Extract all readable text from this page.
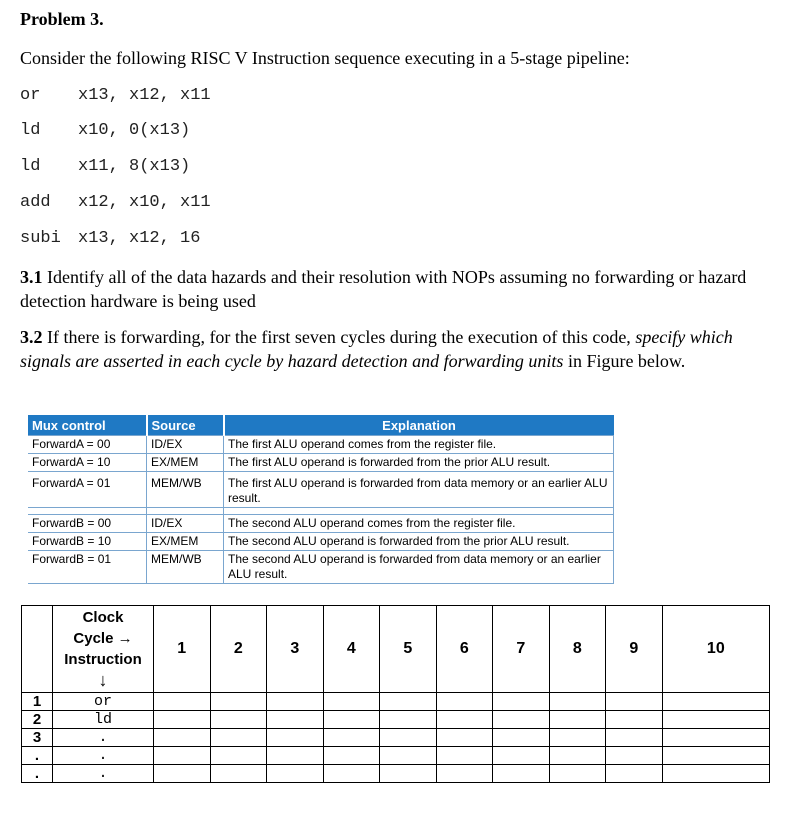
Problem 3.
Consider the following RISC V Instruction sequence executing in a 5-stage pipeline:
or x13, x12, x11
ld x10, 0(x13)
ld x11, 8(x13)
add x12, x10, x11
subi x13, x12, 16
3.1 Identify all of the data hazards and their resolution with NOPs assuming no forwarding or hazard detection hardware is being used
3.2 If there is forwarding, for the first seven cycles during the execution of this code, specify which signals are asserted in each cycle by hazard detection and forwarding units in Figure below.
Mux control	Source	Explanation
ForwardA = 00	ID/EX	The first ALU operand comes from the register file.
ForwardA = 10	EX/MEM	The first ALU operand is forwarded from the prior ALU result.
ForwardA = 01	MEM/WB	The first ALU operand is forwarded from data memory or an earlier ALU result.

ForwardB = 00	ID/EX	The second ALU operand comes from the register file.
ForwardB = 10	EX/MEM	The second ALU operand is forwarded from the prior ALU result.
ForwardB = 01	MEM/WB	The second ALU operand is forwarded from data memory or an earlier ALU result.

	Clock
Cycle →
Instruction
↓	1	2	3	4	5	6	7	8	9	10
1	or										
2	ld										
3	.										
.	.										
.	.										
